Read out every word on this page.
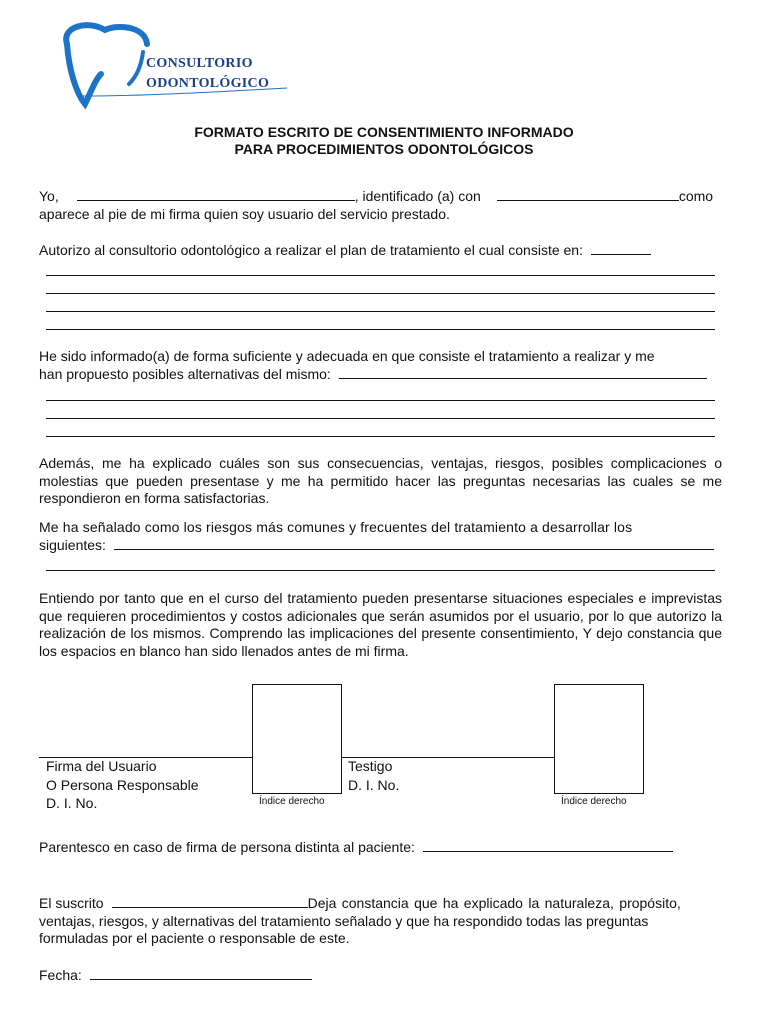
CONSULTORIO
ODONTOLÓGICO
FORMATO ESCRITO DE CONSENTIMIENTO INFORMADO
PARA PROCEDIMIENTOS ODONTOLÓGICOS
Yo,	, identificado (a) con	como
aparece al pie de mi firma quien soy usuario del servicio prestado.
Autorizo al consultorio odontológico a realizar el plan de tratamiento el cual consiste en:
He sido informado(a) de forma suficiente y adecuada en que consiste el tratamiento a realizar y me
han propuesto posibles alternativas del mismo:
Además, me ha explicado cuáles son sus consecuencias, ventajas, riesgos, posibles complicaciones o molestias que pueden presentase y me ha permitido hacer las preguntas necesarias las cuales se me respondieron en forma satisfactorias.
Me ha señalado como los riesgos más comunes y frecuentes del tratamiento a desarrollar los
siguientes:
Entiendo por tanto que en el curso del tratamiento pueden presentarse situaciones especiales e imprevistas que requieren procedimientos y costos adicionales que serán asumidos por el usuario, por lo que autorizo la realización de los mismos. Comprendo las implicaciones del presente consentimiento, Y dejo constancia que los espacios en blanco han sido llenados antes de mi firma.
Firma del Usuario
O Persona Responsable
D. I. No.	Índice derecho
Testigo
D. I. No.
Índice derecho
Parentesco en caso de firma de persona distinta al paciente:
El suscrito	Deja constancia que ha explicado la naturaleza, propósito,
ventajas, riesgos, y alternativas del tratamiento señalado y que ha respondido todas las preguntas
formuladas por el paciente o responsable de este.
Fecha:
